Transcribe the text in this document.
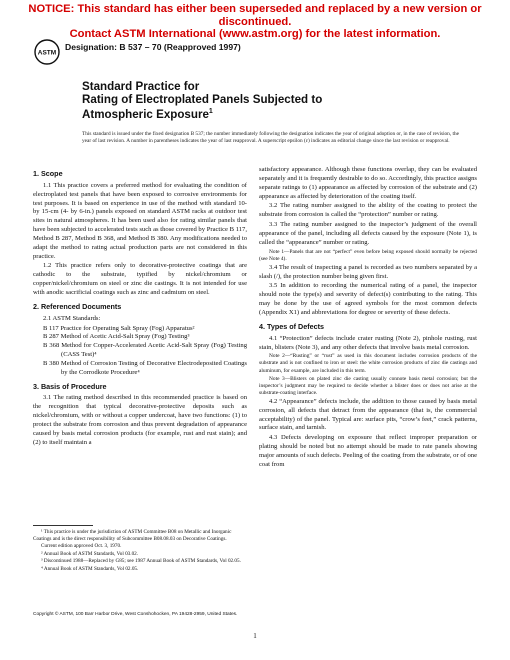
NOTICE: This standard has either been superseded and replaced by a new version or discontinued.
Contact ASTM International (www.astm.org) for the latest information.
ASTM
Designation: B 537 – 70 (Reapproved 1997)
Standard Practice for
Rating of Electroplated Panels Subjected to
Atmospheric Exposure$^1$
This standard is issued under the fixed designation B 537; the number immediately following the designation indicates the year of original adoption or, in the case of revision, the year of last revision. A number in parentheses indicates the year of last reapproval. A superscript epsilon (ε) indicates an editorial change since the last revision or reapproval.
1. Scope

1.1 This practice covers a preferred method for evaluating the condition of electroplated test panels that have been exposed to corrosive environments for test purposes. It is based on experience in use of the method with standard 10- by 15-cm (4- by 6-in.) panels exposed on standard ASTM racks at outdoor test sites in natural atmospheres. It has been used also for rating similar panels that have been subjected to accelerated tests such as those covered by Practice B 117, Method B 287, Method B 368, and Method B 380. Any modifications needed to adapt the method to rating actual production parts are not considered in this practice.

1.2 This practice refers only to decorative-protective coatings that are cathodic to the substrate, typified by nickel/chromium or copper/nickel/chromium on steel or zinc die castings. It is not intended for use with anodic sacrificial coatings such as zinc and cadmium on steel.

2. Referenced Documents

2.1 ASTM Standards:

B 117 Practice for Operating Salt Spray (Fog) Apparatus²

B 287 Method of Acetic Acid-Salt Spray (Fog) Testing³

B 368 Method for Copper-Accelerated Acetic Acid-Salt Spray (Fog) Testing (CASS Test)⁴

B 380 Method of Corrosion Testing of Decorative Electrodeposited Coatings by the Corrodkote Procedure⁴

3. Basis of Procedure

3.1 The rating method described in this recommended practice is based on the recognition that typical decorative-protective deposits such as nickel/chromium, with or without a copper undercoat, have two functions: (1) to protect the substrate from corrosion and thus prevent degradation of appearance caused by basis metal corrosion products (for example, rust and rust stain); and (2) to itself maintain a

¹ This practice is under the jurisdiction of ASTM Committee B08 on Metallic and Inorganic Coatings and is the direct responsibility of Subcommittee B08.08.03 on Decorative Coatings.

Current edition approved Oct. 3, 1970.

² Annual Book of ASTM Standards, Vol 03.02.

³ Discontinued 1988—Replaced by G85; see 1987 Annual Book of ASTM Standards, Vol 02.05.

⁴ Annual Book of ASTM Standards, Vol 02.05.

satisfactory appearance. Although these functions overlap, they can be evaluated separately and it is frequently desirable to do so. Accordingly, this practice assigns separate ratings to (1) appearance as affected by corrosion of the substrate and (2) appearance as affected by deterioration of the coating itself.

3.2 The rating number assigned to the ability of the coating to protect the substrate from corrosion is called the “protection” number or rating.

3.3 The rating number assigned to the inspector’s judgment of the overall appearance of the panel, including all defects caused by the exposure (Note 1), is called the “appearance” number or rating.

Note 1—Panels that are not “perfect” even before being exposed should normally be rejected (see Note 4).

3.4 The result of inspecting a panel is recorded as two numbers separated by a slash (/), the protection number being given first.

3.5 In addition to recording the numerical rating of a panel, the inspector should note the type(s) and severity of defect(s) contributing to the rating. This may be done by the use of agreed symbols for the most common defects (Appendix X1) and abbreviations for degree or severity of these defects.

4. Types of Defects

4.1 “Protection” defects include crater rusting (Note 2), pinhole rusting, rust stain, blisters (Note 3), and any other defects that involve basis metal corrosion.

Note 2—“Rusting” or “rust” as used in this document includes corrosion products of the substrate and is not confined to iron or steel: the white corrosion products of zinc die castings and aluminum, for example, are included in this term.

Note 3—Blisters on plated zinc die casting usually connote basis metal corrosion; but the inspector’s judgment may be required to decide whether a blister does or does not arise at the substrate-coating interface.

4.2 “Appearance” defects include, the addition to those caused by basis metal corrosion, all defects that detract from the appearance (that is, the commercial acceptability) of the panel. Typical are: surface pits, “crow’s feet,” crack patterns, surface stain, and tarnish.

4.3 Defects developing on exposure that reflect improper preparation or plating should be noted but no attempt should be made to rate panels showing major amounts of such defects. Peeling of the coating from the substrate, or of one coat from

Copyright © ASTM, 100 Barr Harbor Drive, West Conshohocken, PA 19428-2959, United States.
1
